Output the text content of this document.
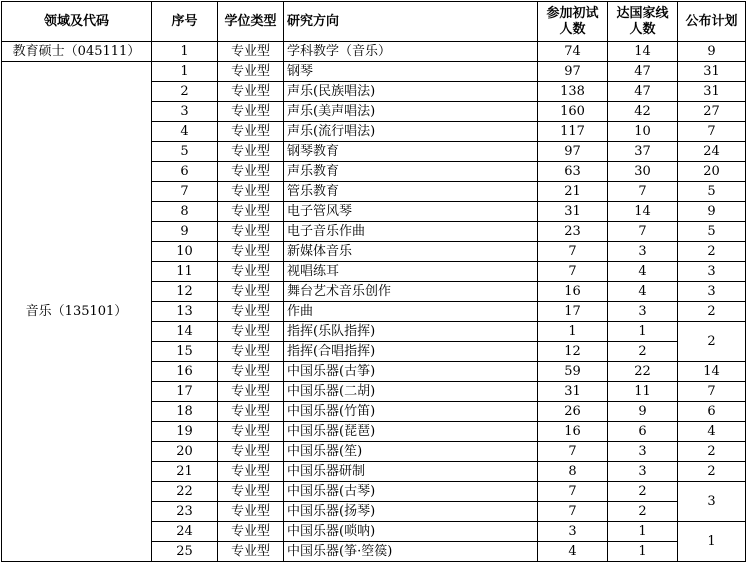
领域及代码	序号	学位类型	研究方向	参加初试人数	达国家线人数	公布计划
教育硕士（045111）	1	专业型	学科教学（音乐）	74	14	9
音乐（135101）	1	专业型	钢琴	97	47	31
	2	专业型	声乐(民族唱法)	138	47	31
	3	专业型	声乐(美声唱法)	160	42	27
	4	专业型	声乐(流行唱法)	117	10	7
	5	专业型	钢琴教育	97	37	24
	6	专业型	声乐教育	63	30	20
	7	专业型	管乐教育	21	7	5
	8	专业型	电子管风琴	31	14	9
	9	专业型	电子音乐作曲	23	7	5
	10	专业型	新媒体音乐	7	3	2
	11	专业型	视唱练耳	7	4	3
	12	专业型	舞台艺术音乐创作	16	4	3
	13	专业型	作曲	17	3	2
	14	专业型	指挥(乐队指挥)	1	1	2
	15	专业型	指挥(合唱指挥)	12	2	
	16	专业型	中国乐器(古筝)	59	22	14
	17	专业型	中国乐器(二胡)	31	11	7
	18	专业型	中国乐器(竹笛)	26	9	6
	19	专业型	中国乐器(琵琶)	16	6	4
	20	专业型	中国乐器(笙)	7	3	2
	21	专业型	中国乐器研制	8	3	2
	22	专业型	中国乐器(古琴)	7	2	3
	23	专业型	中国乐器(扬琴)	7	2	
	24	专业型	中国乐器(唢呐)	3	1	1
	25	专业型	中国乐器(筝·箜篌)	4	1	
